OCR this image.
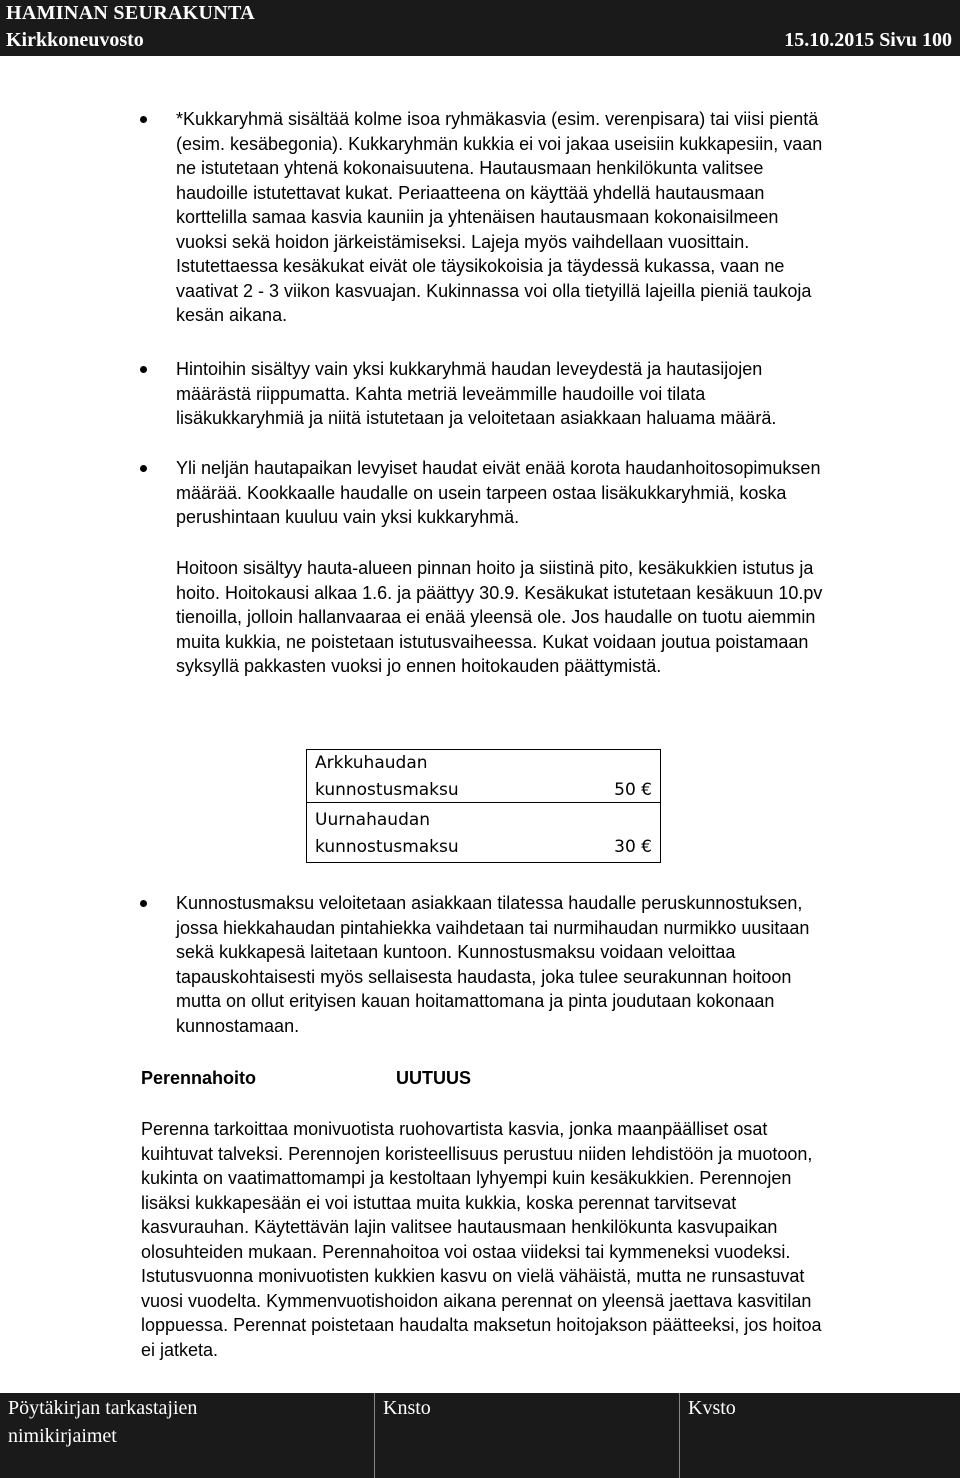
HAMINAN SEURAKUNTA
Kirkkoneuvosto	15.10.2015 Sivu 100
*Kukkaryhmä sisältää kolme isoa ryhmäkasvia (esim. verenpisara) tai viisi pientä
(esim. kesäbegonia). Kukkaryhmän kukkia ei voi jakaa useisiin kukkapesiin, vaan
ne istutetaan yhtenä kokonaisuutena. Hautausmaan henkilökunta valitsee
haudoille istutettavat kukat. Periaatteena on käyttää yhdellä hautausmaan
korttelilla samaa kasvia kauniin ja yhtenäisen hautausmaan kokonaisilmeen
vuoksi sekä hoidon järkeistämiseksi. Lajeja myös vaihdellaan vuosittain.
Istutettaessa kesäkukat eivät ole täysikokoisia ja täydessä kukassa, vaan ne
vaativat 2 - 3 viikon kasvuajan. Kukinnassa voi olla tietyillä lajeilla pieniä taukoja
kesän aikana.
Hintoihin sisältyy vain yksi kukkaryhmä haudan leveydestä ja hautasijojen
määrästä riippumatta. Kahta metriä leveämmille haudoille voi tilata
lisäkukkaryhmiä ja niitä istutetaan ja veloitetaan asiakkaan haluama määrä.
Yli neljän hautapaikan levyiset haudat eivät enää korota haudanhoitosopimuksen
määrää. Kookkaalle haudalle on usein tarpeen ostaa lisäkukkaryhmiä, koska
perushintaan kuuluu vain yksi kukkaryhmä.
Hoitoon sisältyy hauta-alueen pinnan hoito ja siistinä pito, kesäkukkien istutus ja
hoito. Hoitokausi alkaa 1.6. ja päättyy 30.9. Kesäkukat istutetaan kesäkuun 10.pv
tienoilla, jolloin hallanvaaraa ei enää yleensä ole. Jos haudalle on tuotu aiemmin
muita kukkia, ne poistetaan istutusvaiheessa. Kukat voidaan joutua poistamaan
syksyllä pakkasten vuoksi jo ennen hoitokauden päättymistä.
Arkkuhaudan
kunnostusmaksu	50 €
Uurnahaudan
kunnostusmaksu	30 €
Kunnostusmaksu veloitetaan asiakkaan tilatessa haudalle peruskunnostuksen,
jossa hiekkahaudan pintahiekka vaihdetaan tai nurmihaudan nurmikko uusitaan
sekä kukkapesä laitetaan kuntoon. Kunnostusmaksu voidaan veloittaa
tapauskohtaisesti myös sellaisesta haudasta, joka tulee seurakunnan hoitoon
mutta on ollut erityisen kauan hoitamattomana ja pinta joudutaan kokonaan
kunnostamaan.
Perennahoito	UUTUUS
Perenna tarkoittaa monivuotista ruohovartista kasvia, jonka maanpäälliset osat
kuihtuvat talveksi. Perennojen koristeellisuus perustuu niiden lehdistöön ja muotoon,
kukinta on vaatimattomampi ja kestoltaan lyhyempi kuin kesäkukkien. Perennojen
lisäksi kukkapesään ei voi istuttaa muita kukkia, koska perennat tarvitsevat
kasvurauhan. Käytettävän lajin valitsee hautausmaan henkilökunta kasvupaikan
olosuhteiden mukaan. Perennahoitoa voi ostaa viideksi tai kymmeneksi vuodeksi.
Istutusvuonna monivuotisten kukkien kasvu on vielä vähäistä, mutta ne runsastuvat
vuosi vuodelta. Kymmenvuotishoidon aikana perennat on yleensä jaettava kasvitilan
loppuessa. Perennat poistetaan haudalta maksetun hoitojakson päätteeksi, jos hoitoa
ei jatketa.
Pöytäkirjan tarkastajien
nimikirjaimet
Knsto	Kvsto
